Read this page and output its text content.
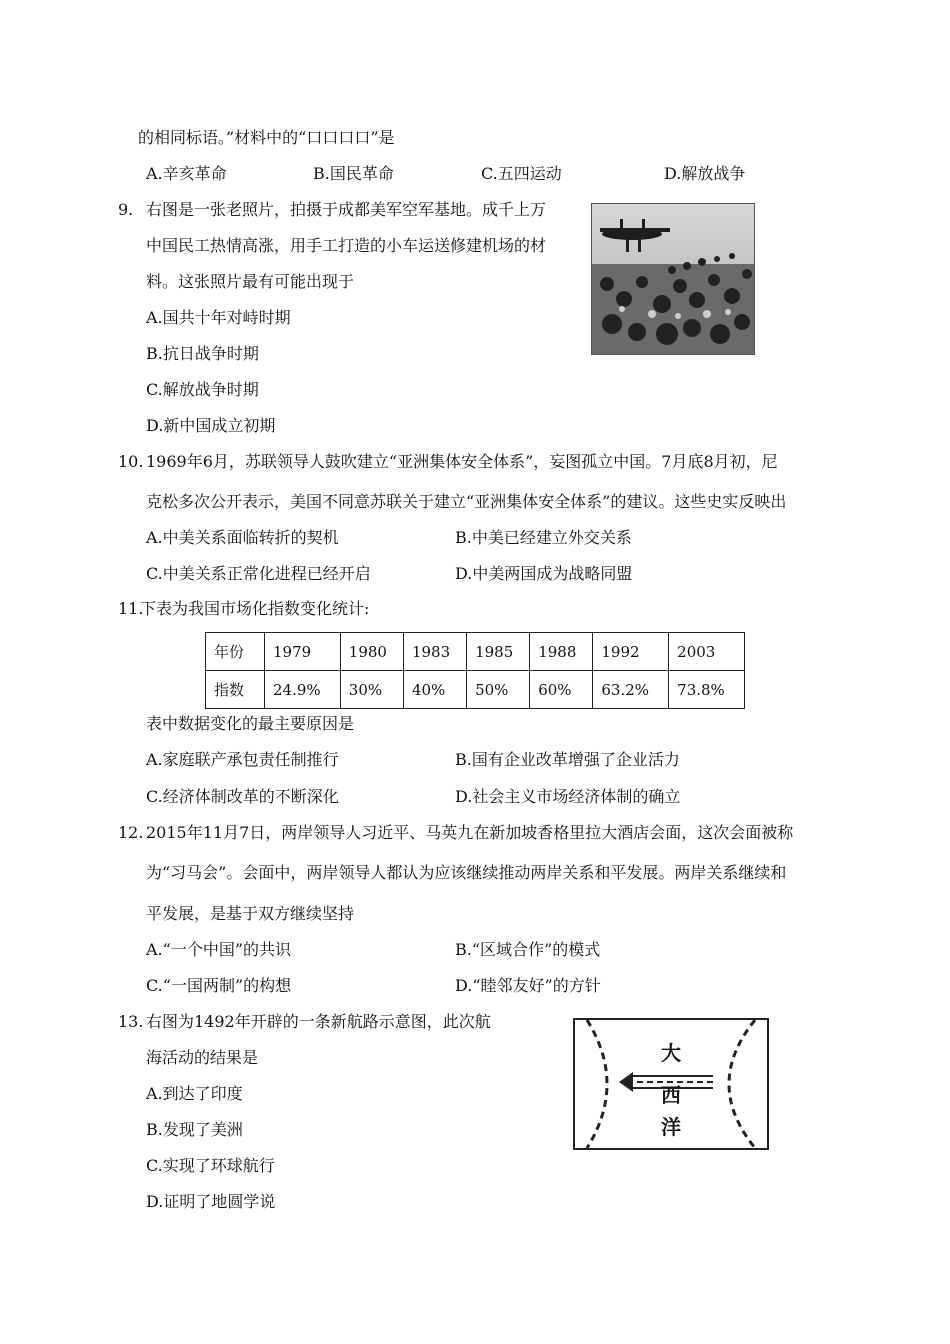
的相同标语。”材料中的“口口口口”是
A.辛亥革命	B.国民革命	C.五四运动	D.解放战争
9. 右图是一张老照片，拍摄于成都美军空军基地。成千上万
中国民工热情高涨，用手工打造的小车运送修建机场的材
料。这张照片最有可能出现于
A.国共十年对峙时期
B.抗日战争时期
C.解放战争时期
D.新中国成立初期
10. 1969年6月，苏联领导人鼓吹建立“亚洲集体安全体系”，妄图孤立中国。7月底8月初，尼
克松多次公开表示，美国不同意苏联关于建立“亚洲集体安全体系”的建议。这些史实反映出
A.中美关系面临转折的契机	B.中美已经建立外交关系
C.中美关系正常化进程已经开启	D.中美两国成为战略同盟
11.
下表为我国市场化指数变化统计:
年份	1979	1980	1983	1985	1988	1992	2003
指数	24.9%	30%	40%	50%	60%	63.2%	73.8%
表中数据变化的最主要原因是
A.家庭联产承包责任制推行	B.国有企业改革增强了企业活力
C.经济体制改革的不断深化	D.社会主义市场经济体制的确立
12. 2015年11月7日，两岸领导人习近平、马英九在新加坡香格里拉大酒店会面，这次会面被称
为“习马会”。会面中，两岸领导人都认为应该继续推动两岸关系和平发展。两岸关系继续和
平发展，是基于双方继续坚持
A.“一个中国”的共识	B.“区域合作”的模式
C.“一国两制”的构想	D.“睦邻友好”的方针
13. 右图为1492年开辟的一条新航路示意图，此次航
海活动的结果是
A.到达了印度
B.发现了美洲
C.实现了环球航行
D.证明了地圆学说
大
西
洋
